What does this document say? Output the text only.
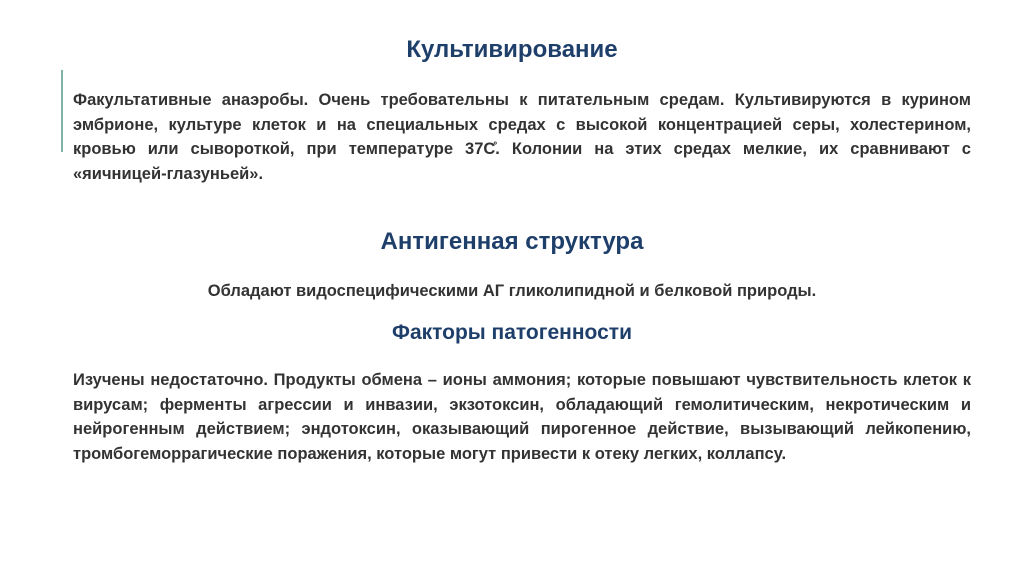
Культивирование

Факультативные анаэробы. Очень требовательны к питательным средам. Культивируются в курином эмбрионе, культуре клеток и на специальных средах с высокой концентрацией серы, холестерином, кровью или сывороткой, при температуре 37С̊. Колонии на этих средах мелкие, их сравнивают с «яичницей-глазуньей».

Антигенная структура

Обладают видоспецифическими АГ гликолипидной и белковой природы.

Факторы патогенности

Изучены недостаточно. Продукты обмена – ионы аммония; которые повышают чувствительность клеток к вирусам; ферменты агрессии и инвазии, экзотоксин, обладающий гемолитическим, некротическим и нейрогенным действием; эндотоксин, оказывающий пирогенное действие, вызывающий лейкопению, тромбогеморрагические поражения, которые могут привести к отеку легких, коллапсу.
